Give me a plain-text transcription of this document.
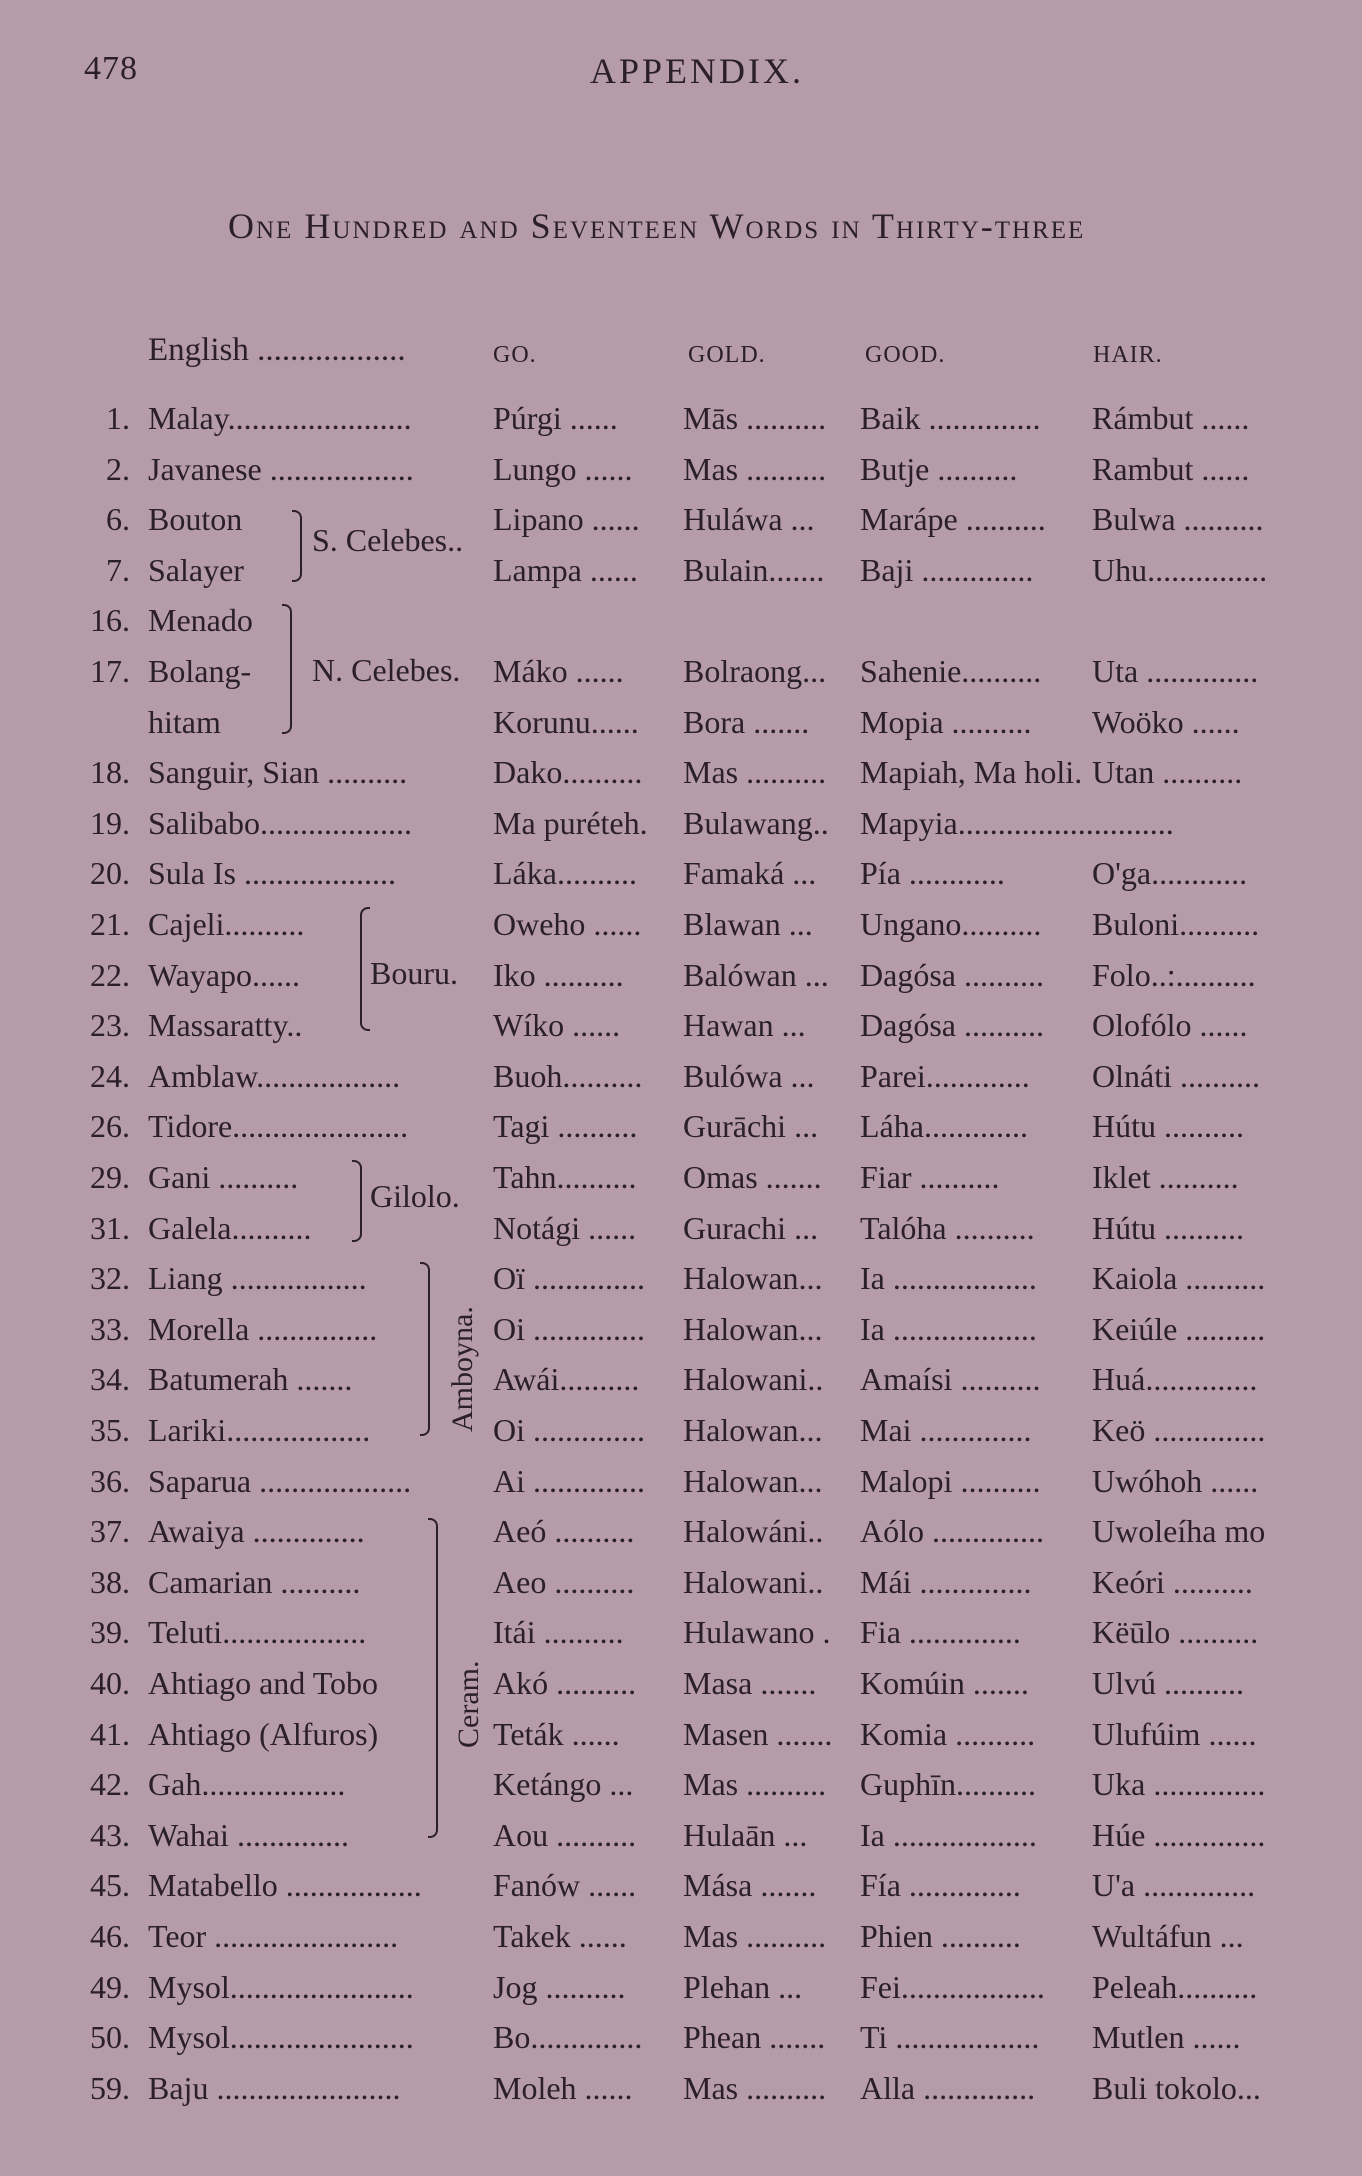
478	APPENDIX.
One Hundred and Seventeen Words in Thirty-three
English ..................	GO.	GOLD.	GOOD.	HAIR.
1. Malay.......................	Púrgi ...... Mās .......... Baik .............. Rámbut ......
2. Javanese .................. Lungo ...... Mas .......... Butje .......... Rambut ......
6. Bouton	Lipano ...... Huláwa ... Marápe .......... Bulwa ..........
7. Salayer	Lampa ...... Bulain....... Baji .............. Uhu...............
16. Menado
17. Bolang-	Máko ...... Bolraong... Sahenie.......... Uta ..............
hitam	Korunu...... Bora ....... Mopia .......... Woöko ......
18. Sanguir, Sian ..........	Dako.......... Mas .......... Mapiah, Ma holi. Utan ..........
19. Salibabo...................	Ma puréteh. Bulawang.. Mapyia...........................
20. Sula Is ...................	Láka.......... Famaká ... Pía ............	O'ga............
21. Cajeli..........	Oweho ...... Blawan ... Ungano.......... Buloni..........
22. Wayapo......	Iko .......... Balówan ... Dagósa .......... Folo..:..........
23. Massaratty..	Wíko ...... Hawan ... Dagósa .......... Olofólo ......
24. Amblaw..................	Buoh.......... Bulówa ... Parei............. Olnáti ..........
26. Tidore......................	Tagi .......... Gurāchi ... Láha............. Hútu ..........
29. Gani ..........	Tahn.......... Omas ....... Fiar ..........	Iklet ..........
31. Galela..........	Notági ...... Gurachi ... Talóha .......... Hútu ..........
32. Liang .................	Oï .............. Halowan... Ia .................. Kaiola ..........
33. Morella ...............	Oi .............. Halowan... Ia .................. Keiúle ..........
34. Batumerah .......	Awái.......... Halowani.. Amaísi .......... Huá..............
35. Lariki..................	Oi .............. Halowan... Mai .............. Keö ..............
36. Saparua ...................	Ai .............. Halowan... Malopi .......... Uwóhoh ......
37. Awaiya ..............	Aeó .......... Halowáni.. Aólo .............. Uwoleíha mo
38. Camarian ..........	Aeo .......... Halowani.. Mái .............. Keóri ..........
39. Teluti..................	Itái .......... Hulawano . Fia .............. Këūlo ..........
40. Ahtiago and Tobo	Akó .......... Masa ....... Komúin ....... Ulvú ..........
41. Ahtiago (Alfuros)	Teták ...... Masen ....... Komia .......... Ulufúim ......
42. Gah..................	Ketángo ... Mas .......... Guphīn.......... Uka ..............
43. Wahai ..............	Aou .......... Hulaān ... Ia .................. Húe ..............
45. Matabello ................. Fanów ...... Mása ....... Fía .............. U'a ..............
46. Teor .......................	Takek ...... Mas .......... Phien .......... Wultáfun ...
49. Mysol....................... Jog .......... Plehan ... Fei.................. Peleah..........
50. Mysol....................... Bo.............. Phean ....... Ti .................. Mutlen ......
59. Baju .......................	Moleh ...... Mas .......... Alla .............. Buli tokolo...
S. Celebes..
N. Celebes.
Bouru.
Gilolo.
Amboyna.
Ceram.
